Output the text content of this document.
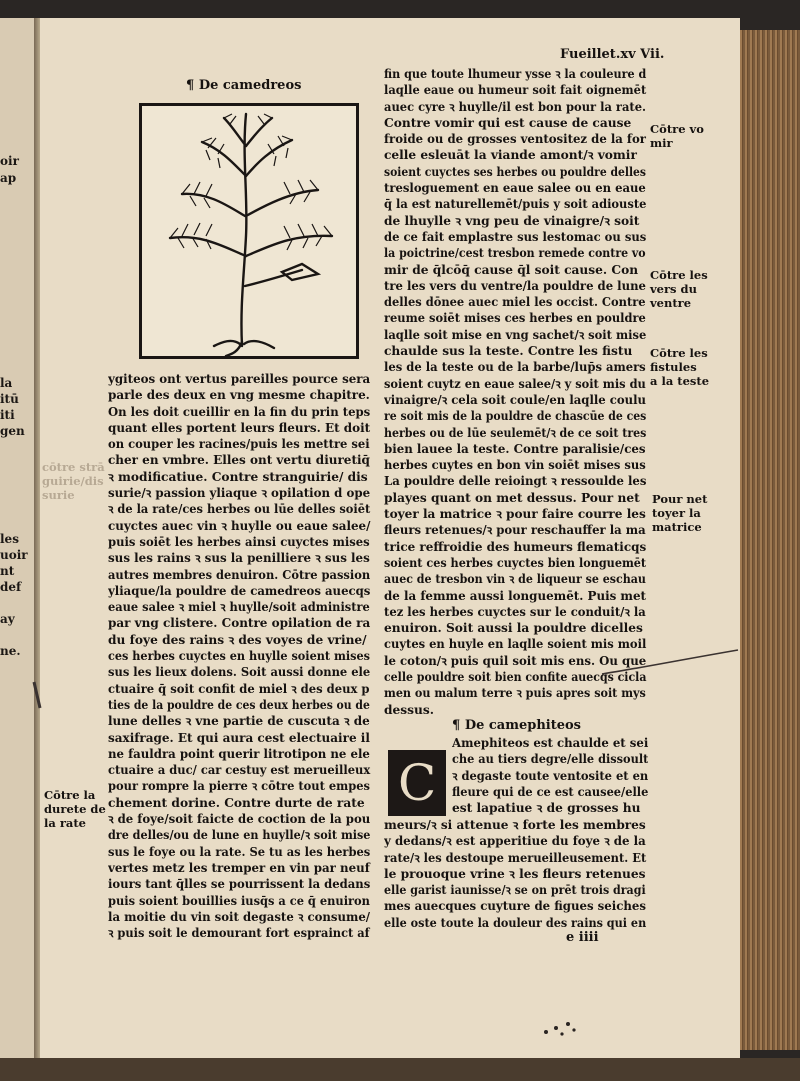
oir
ap
la
itū
iti
gen
les
uoir
nt
def
ay
ne.
Fueillet.xv Vii.
¶ De camedreos
ygiteos ont vertus pareilles pource sera
parle des deux en vng mesme chapitre.
On les doit cueillir en la fin du prin teps
quant elles portent leurs fleurs. Et doit
on couper les racines/puis les mettre sei
cher en vmbre. Elles ont vertu diuretiq̄
ꝛ modificatiue. Contre stranguirie/ dis
surie/ꝛ passion yliaque ꝛ opilation d ope
ꝛ de la rate/ces herbes ou lūe delles soiēt
cuyctes auec vin ꝛ huylle ou eaue salee/
puis soiēt les herbes ainsi cuyctes mises
sus les rains ꝛ sus la penilliere ꝛ sus les
autres membres denuiron. Cōtre passion
yliaque/la pouldre de camedreos auecqs
eaue salee ꝛ miel ꝛ huylle/soit administre
par vng clistere. Contre opilation de ra
du foye des rains ꝛ des voyes de vrine/
ces herbes cuyctes en huylle soient mises
sus les lieux dolens. Soit aussi donne ele
ctuaire q̄ soit confit de miel ꝛ des deux p
ties de la pouldre de ces deux herbes ou de
lune delles ꝛ vne partie de cuscuta ꝛ de
saxifrage. Et qui aura cest electuaire il
ne fauldra point querir litrotipon ne ele
ctuaire a duc/ car cestuy est merueilleux
pour rompre la pierre ꝛ cōtre tout empes
chement dorine. Contre durte de rate
ꝛ de foye/soit faicte de coction de la pou
dre delles/ou de lune en huylle/ꝛ soit mise
sus le foye ou la rate. Se tu as les herbes
vertes metz les tremper en vin par neuf
iours tant q̄lles se pourrissent la dedans
puis soient bouillies iusq̄s a ce q̄ enuiron
la moitie du vin soit degaste ꝛ consume/
ꝛ puis soit le demourant fort esprainct af
cōtre strā
guirie/dis
surie
Cōtre la
durete de
la rate
fin que toute lhumeur ysse ꝛ la couleure d
laqlle eaue ou humeur soit fait oignemēt
auec cyre ꝛ huylle/il est bon pour la rate.
Contre vomir qui est cause de cause
froide ou de grosses ventositez de la for
celle esleuāt la viande amont/ꝛ vomir
soient cuyctes ses herbes ou pouldre delles
tresloguement en eaue salee ou en eaue
q̄ la est naturellemēt/puis y soit adiouste
de lhuylle ꝛ vng peu de vinaigre/ꝛ soit
de ce fait emplastre sus lestomac ou sus
la poictrine/cest tresbon remede contre vo
mir de q̄lcōq̄ cause q̄l soit cause. Con
tre les vers du ventre/la pouldre de lune
delles dōnee auec miel les occist. Contre
reume soiēt mises ces herbes en pouldre
laqlle soit mise en vng sachet/ꝛ soit mise
chaulde sus la teste. Contre les fistu
les de la teste ou de la barbe/lup̄s amers
soient cuytz en eaue salee/ꝛ y soit mis du
vinaigre/ꝛ cela soit coule/en laqlle coulu
re soit mis de la pouldre de chascūe de ces
herbes ou de lūe seulemēt/ꝛ de ce soit tres
bien lauee la teste. Contre paralisie/ces
herbes cuytes en bon vin soiēt mises sus
La pouldre delle reioingt ꝛ ressoulde les
playes quant on met dessus. Pour net
toyer la matrice ꝛ pour faire courre les
fleurs retenues/ꝛ pour reschauffer la ma
trice reffroidie des humeurs flematicqs
soient ces herbes cuyctes bien longuemēt
auec de tresbon vin ꝛ de liqueur se eschau
de la femme aussi longuemēt. Puis met
tez les herbes cuyctes sur le conduit/ꝛ la
enuiron. Soit aussi la pouldre dicelles
cuytes en huyle en laqlle soient mis moil
le coton/ꝛ puis quil soit mis ens. Ou que
celle pouldre soit bien confite auecqs cicla
men ou malum terre ꝛ puis apres soit mys
dessus.
¶ De camephiteos
C
Amephiteos est chaulde et sei
che au tiers degre/elle dissoult
ꝛ degaste toute ventosite et en
fleure qui de ce est causee/elle
est lapatiue ꝛ de grosses hu
meurs/ꝛ si attenue ꝛ forte les membres
y dedans/ꝛ est apperitiue du foye ꝛ de la
rate/ꝛ les destoupe merueilleusement. Et
le prouoque vrine ꝛ les fleurs retenues
elle garist iaunisse/ꝛ se on prēt trois dragi
mes auecques cuyture de figues seiches
elle oste toute la douleur des rains qui en
e iiii
Cōtre vo
mir
Cōtre les
vers du
ventre
Cōtre les
fistules
a la teste
Pour net
toyer la
matrice
